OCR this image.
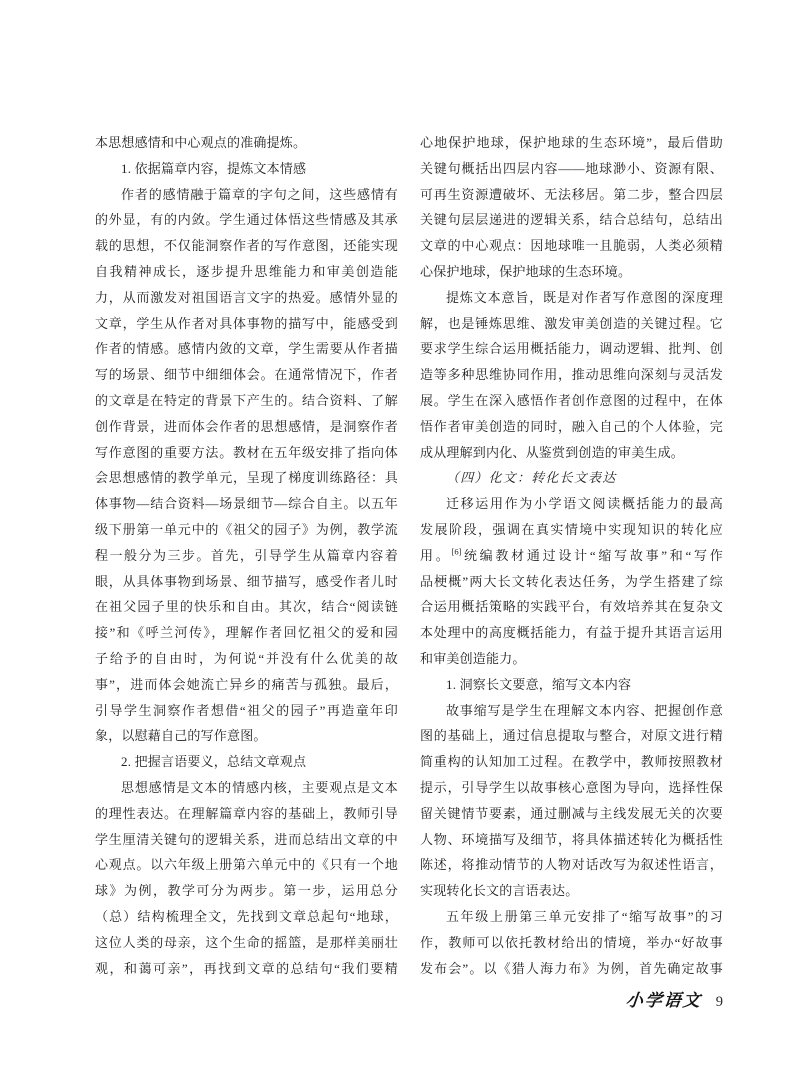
本思想感情和中心观点的准确提炼。
1. 依据篇章内容，提炼文本情感
作者的感情融于篇章的字句之间，这些感情有
的外显，有的内敛。学生通过体悟这些情感及其承
载的思想，不仅能洞察作者的写作意图，还能实现
自我精神成长，逐步提升思维能力和审美创造能
力，从而激发对祖国语言文字的热爱。感情外显的
文章，学生从作者对具体事物的描写中，能感受到
作者的情感。感情内敛的文章，学生需要从作者描
写的场景、细节中细细体会。在通常情况下，作者
的文章是在特定的背景下产生的。结合资料、了解
创作背景，进而体会作者的思想感情，是洞察作者
写作意图的重要方法。教材在五年级安排了指向体
会思想感情的教学单元，呈现了梯度训练路径：具
体事物—结合资料—场景细节—综合自主。以五年
级下册第一单元中的《祖父的园子》为例，教学流
程一般分为三步。首先，引导学生从篇章内容着
眼，从具体事物到场景、细节描写，感受作者儿时
在祖父园子里的快乐和自由。其次，结合“阅读链
接”和《呼兰河传》，理解作者回忆祖父的爱和园
子给予的自由时，为何说“并没有什么优美的故
事”，进而体会她流亡异乡的痛苦与孤独。最后，
引导学生洞察作者想借“祖父的园子”再造童年印
象，以慰藉自己的写作意图。
2. 把握言语要义，总结文章观点
思想感情是文本的情感内核，主要观点是文本
的理性表达。在理解篇章内容的基础上，教师引导
学生厘清关键句的逻辑关系，进而总结出文章的中
心观点。以六年级上册第六单元中的《只有一个地
球》为例，教学可分为两步。第一步，运用总分
（总）结构梳理全文，先找到文章总起句“地球，
这位人类的母亲，这个生命的摇篮，是那样美丽壮
观，和蔼可亲”，再找到文章的总结句“我们要精
心地保护地球，保护地球的生态环境”，最后借助
关键句概括出四层内容——地球渺小、资源有限、
可再生资源遭破坏、无法移居。第二步，整合四层
关键句层层递进的逻辑关系，结合总结句，总结出
文章的中心观点：因地球唯一且脆弱，人类必须精
心保护地球，保护地球的生态环境。
提炼文本意旨，既是对作者写作意图的深度理
解，也是锤炼思维、激发审美创造的关键过程。它
要求学生综合运用概括能力，调动逻辑、批判、创
造等多种思维协同作用，推动思维向深刻与灵活发
展。学生在深入感悟作者创作意图的过程中，在体
悟作者审美创造的同时，融入自己的个人体验，完
成从理解到内化、从鉴赏到创造的审美生成。
（四）化文：转化长文表达
迁移运用作为小学语文阅读概括能力的最高
发展阶段，强调在真实情境中实现知识的转化应
用。[6]统编教材通过设计“缩写故事”和“写作
品梗概”两大长文转化表达任务，为学生搭建了综
合运用概括策略的实践平台，有效培养其在复杂文
本处理中的高度概括能力，有益于提升其语言运用
和审美创造能力。
1. 洞察长文要意，缩写文本内容
故事缩写是学生在理解文本内容、把握创作意
图的基础上，通过信息提取与整合，对原文进行精
简重构的认知加工过程。在教学中，教师按照教材
提示，引导学生以故事核心意图为导向，选择性保
留关键情节要素，通过删减与主线发展无关的次要
人物、环境描写及细节，将具体描述转化为概括性
陈述，将推动情节的人物对话改写为叙述性语言，
实现转化长文的言语表达。
五年级上册第三单元安排了“缩写故事”的习
作，教师可以依托教材给出的情境，举办“好故事
发布会”。以《猎人海力布》为例，首先确定故事
小学语文 9
